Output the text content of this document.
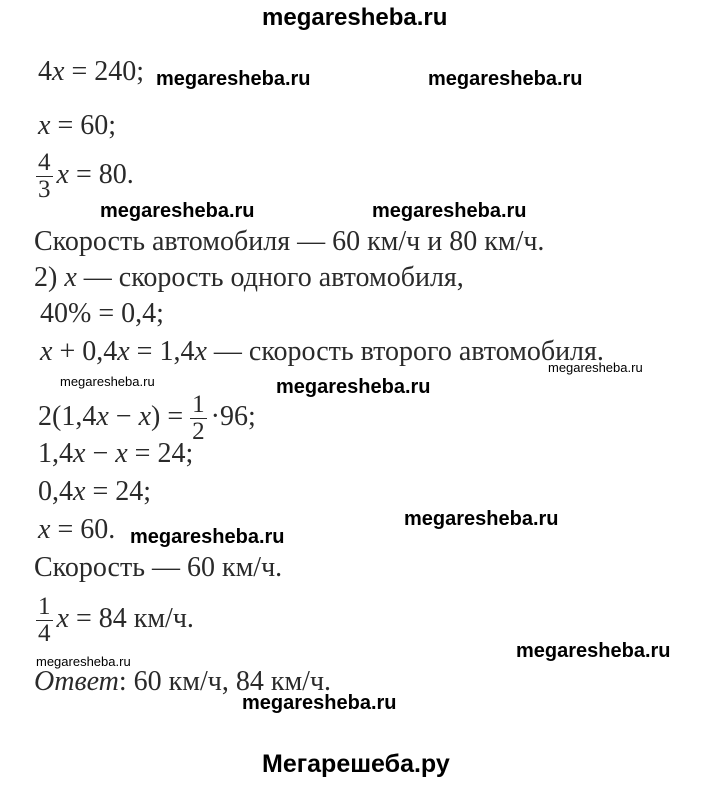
megaresheba.ru
4x = 240;
x = 60;
$\frac{4}{3}$ x = 80.
Скорость автомобиля — 60 км/ч и 80 км/ч.
2) x — скорость одного автомобиля,
40% = 0,4;
x + 0,4x = 1,4x — скорость второго автомобиля.
$2(1,4x - x) = \frac{1}{2} \cdot 96$;
1,4x − x = 24;
0,4x = 24;
x = 60.
Скорость — 60 км/ч.
$\frac{1}{4}$ x = 84 км/ч.
Ответ: 60 км/ч, 84 км/ч.
megaresheba.ru	megaresheba.ru
megaresheba.ru	megaresheba.ru
megaresheba.ru	megaresheba.ru
megaresheba.ru
megaresheba.ru
megaresheba.ru
megaresheba.ru	megaresheba.ru
megaresheba.ru
Мегарешеба.ру
